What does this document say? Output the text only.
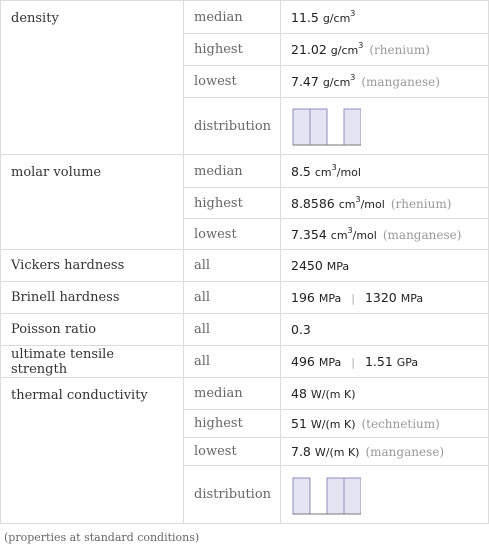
density	median	11.5 $g/cm^3$
	highest	21.02 $g/cm^3$ (rhenium)
	lowest	7.47 $g/cm^3$ (manganese)
	distribution	

molar volume	median	8.5 $cm^3$/mol
	highest	8.8586 $cm^3$/mol (rhenium)
	lowest	7.354 $cm^3$/mol (manganese)
Vickers hardness	all	2450 MPa
Brinell hardness	all	196 MPa | 1320 MPa
Poisson ratio	all	0.3
ultimate tensile strength	all	496 MPa | 1.51 GPa
thermal conductivity	median	48 W/(m K)
	highest	51 W/(m K) (technetium)
	lowest	7.8 W/(m K) (manganese)
	distribution	
(properties at standard conditions)
